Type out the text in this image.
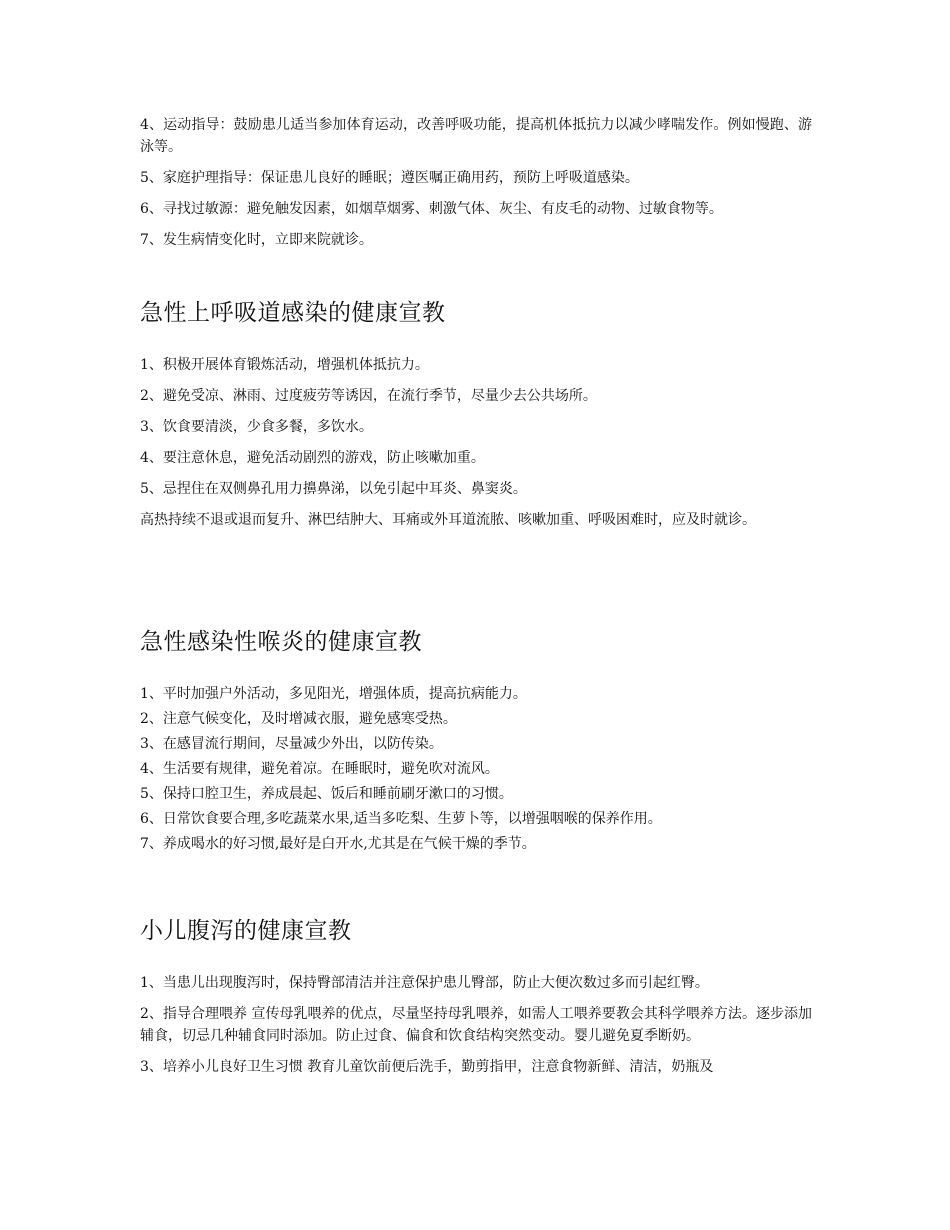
4、运动指导：鼓励患儿适当参加体育运动，改善呼吸功能，提高机体抵抗力以减少哮喘发作。例如慢跑、游泳等。

5、家庭护理指导：保证患儿良好的睡眠；遵医嘱正确用药，预防上呼吸道感染。

6、寻找过敏源：避免触发因素，如烟草烟雾、刺激气体、灰尘、有皮毛的动物、过敏食物等。

7、发生病情变化时，立即来院就诊。

急性上呼吸道感染的健康宣教

1、积极开展体育锻炼活动，增强机体抵抗力。

2、避免受凉、淋雨、过度疲劳等诱因，在流行季节，尽量少去公共场所。

3、饮食要清淡，少食多餐，多饮水。

4、要注意休息，避免活动剧烈的游戏，防止咳嗽加重。

5、忌捏住在双侧鼻孔用力擤鼻涕，以免引起中耳炎、鼻窦炎。

高热持续不退或退而复升、淋巴结肿大、耳痛或外耳道流脓、咳嗽加重、呼吸困难时，应及时就诊。

急性感染性喉炎的健康宣教

1、平时加强户外活动，多见阳光，增强体质，提高抗病能力。

2、注意气候变化，及时增减衣服，避免感寒受热。

3、在感冒流行期间，尽量减少外出，以防传染。

4、生活要有规律，避免着凉。在睡眠时，避免吹对流风。

5、保持口腔卫生，养成晨起、饭后和睡前刷牙漱口的习惯。

6、日常饮食要合理,多吃蔬菜水果,适当多吃梨、生萝卜等，以增强咽喉的保养作用。

7、养成喝水的好习惯,最好是白开水,尤其是在气候干燥的季节。

小儿腹泻的健康宣教

1、当患儿出现腹泻时，保持臀部清洁并注意保护患儿臀部，防止大便次数过多而引起红臀。

2、指导合理喂养 宣传母乳喂养的优点，尽量坚持母乳喂养，如需人工喂养要教会其科学喂养方法。逐步添加辅食，切忌几种辅食同时添加。防止过食、偏食和饮食结构突然变动。婴儿避免夏季断奶。

3、培养小儿良好卫生习惯 教育儿童饮前便后洗手，勤剪指甲，注意食物新鲜、清洁，奶瓶及
